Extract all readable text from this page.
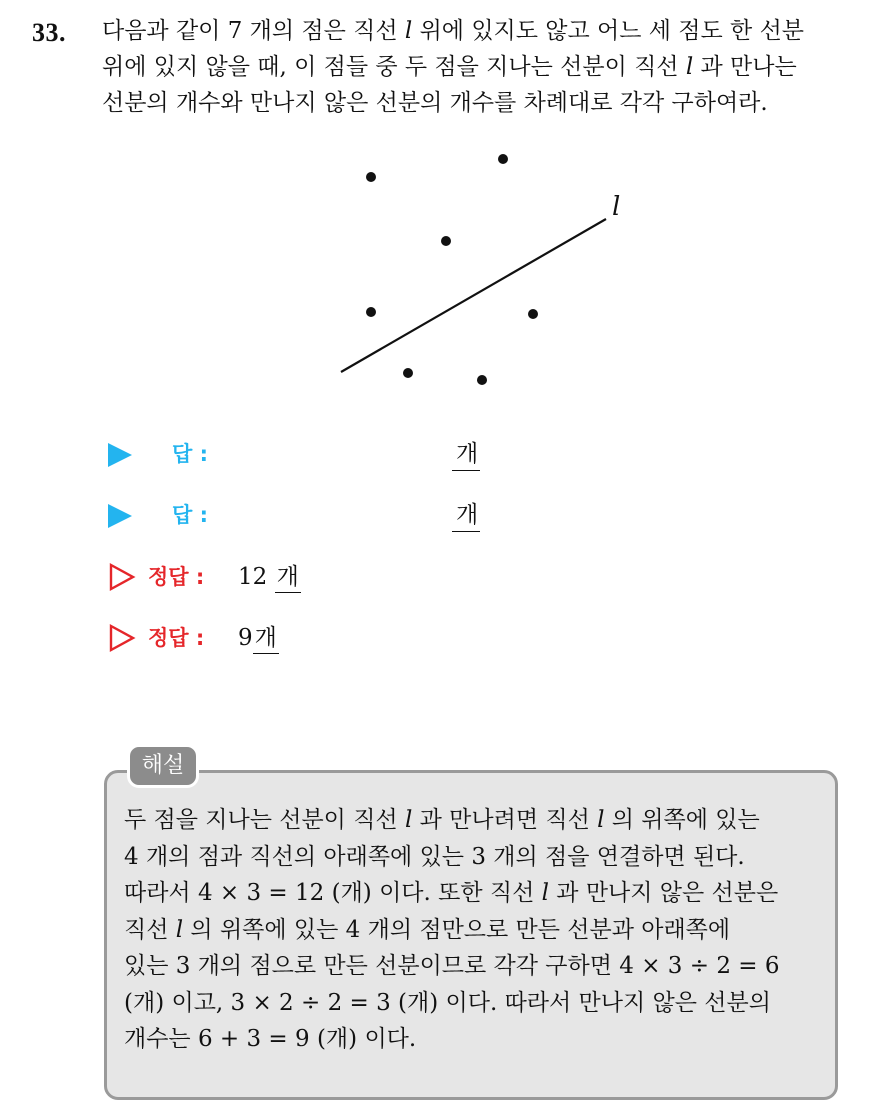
33. 다음과 같이 7 개의 점은 직선 l 위에 있지도 않고 어느 세 점도 한 선분
위에 있지 않을 때, 이 점들 중 두 점을 지나는 선분이 직선 l 과 만나는
선분의 개수와 만나지 않은 선분의 개수를 차례대로 각각 구하여라.
l
답 :	개
답 :	개
정답 : 12 개
정답 : 9개
해설
두 점을 지나는 선분이 직선 l 과 만나려면 직선 l 의 위쪽에 있는
4 개의 점과 직선의 아래쪽에 있는 3 개의 점을 연결하면 된다.
따라서 4 × 3 = 12 (개) 이다. 또한 직선 l 과 만나지 않은 선분은
직선 l 의 위쪽에 있는 4 개의 점만으로 만든 선분과 아래쪽에
있는 3 개의 점으로 만든 선분이므로 각각 구하면 4 × 3 ÷ 2 = 6
(개) 이고, 3 × 2 ÷ 2 = 3 (개) 이다. 따라서 만나지 않은 선분의
개수는 6 + 3 = 9 (개) 이다.
